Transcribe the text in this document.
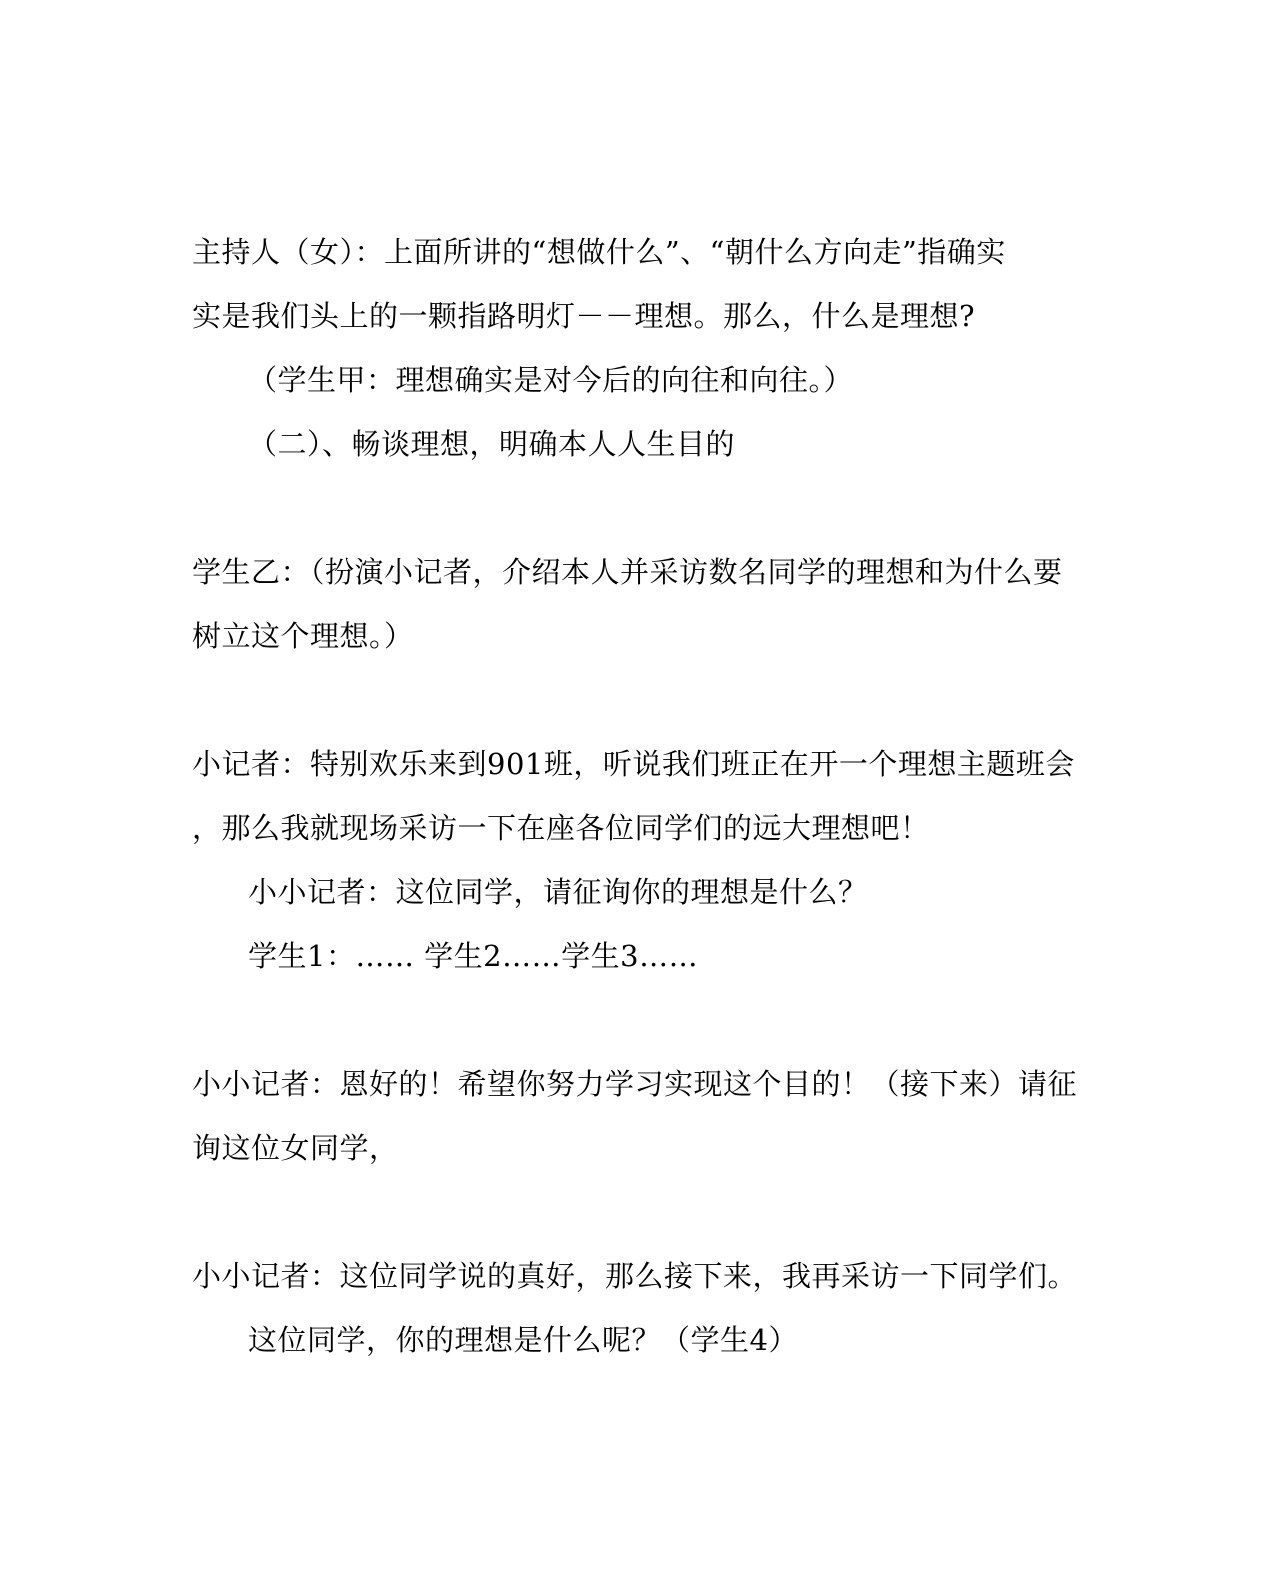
主持人（女）：上面所讲的“想做什么”、“朝什么方向走”指确实
实是我们头上的一颗指路明灯－－理想。那么，什么是理想?
（学生甲：理想确实是对今后的向往和向往。）
（二）、畅谈理想，明确本人人生目的
学生乙：（扮演小记者，介绍本人并采访数名同学的理想和为什么要
树立这个理想。）
小记者：特别欢乐来到901班，听说我们班正在开一个理想主题班会
，那么我就现场采访一下在座各位同学们的远大理想吧！
小小记者：这位同学，请征询你的理想是什么？
学生1：…… 学生2……学生3……
小小记者：恩好的！希望你努力学习实现这个目的！（接下来）请征
询这位女同学，
小小记者：这位同学说的真好，那么接下来，我再采访一下同学们。
这位同学，你的理想是什么呢？（学生4）
